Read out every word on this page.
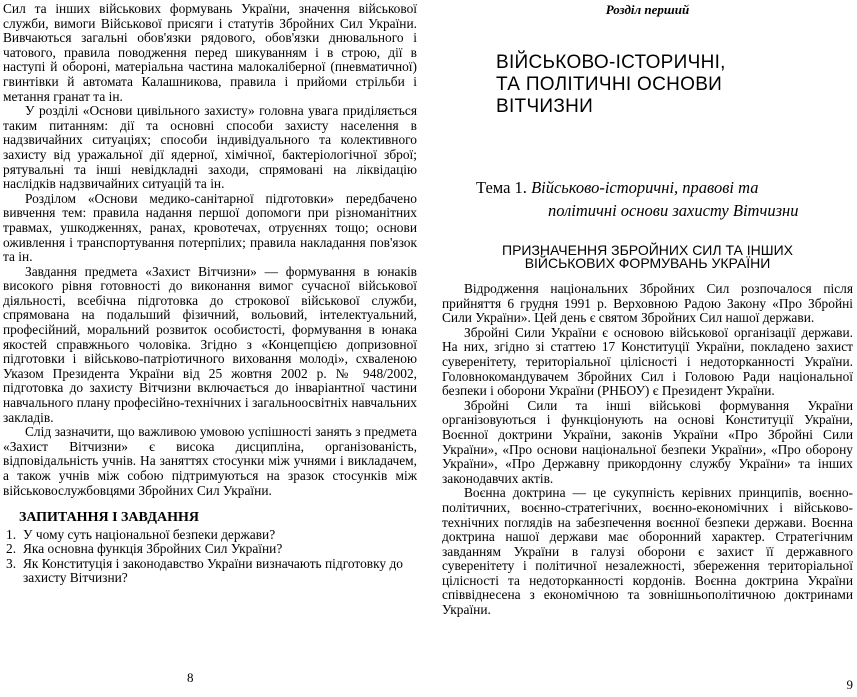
Сил та інших військових формувань України, значення військової служби, вимоги Військової присяги і статутів Збройних Сил України. Вивчаються загальні обов'язки рядового, обов'язки днювального і чатового, правила поводження перед шикуванням і в строю, дії в наступі й обороні, матеріальна частина малокаліберної (пневматичної) гвинтівки й автомата Калашникова, правила і прийоми стрільби і метання гранат та ін.

У розділі «Основи цивільного захисту» головна увага приділяється таким питанням: дії та основні способи захисту населення в надзвичайних ситуаціях; способи індивідуального та колективного захисту від уражальної дії ядерної, хімічної, бактеріологічної зброї; рятувальні та інші невідкладні заходи, спрямовані на ліквідацію наслідків надзвичайних ситуацій та ін.

Розділом «Основи медико-санітарної підготовки» передбачено вивчення тем: правила надання першої допомоги при різноманітних травмах, ушкодженнях, ранах, кровотечах, отруєннях тощо; основи оживлення і транспортування потерпілих; правила накладання пов'язок та ін.

Завдання предмета «Захист Вітчизни» — формування в юнаків високого рівня готовності до виконання вимог сучасної військової діяльності, всебічна підготовка до строкової військової служби, спрямована на подальший фізичний, вольовий, інтелектуальний, професійний, моральний розвиток особистості, формування в юнака якостей справжнього чоловіка. Згідно з «Концепцією допризовної підготовки і військово-патріотичного виховання молоді», схваленою Указом Президента України від 25 жовтня 2002 р. № 948/2002, підготовка до захисту Вітчизни включається до інваріантної частини навчального плану професійно-технічних і загальноосвітніх навчальних закладів.

Слід зазначити, що важливою умовою успішності занять з предмета «Захист Вітчизни» є висока дисципліна, організованість, відповідальність учнів. На заняттях стосунки між учнями і викладачем, а також учнів між собою підтримуються на зразок стосунків між військовослужбовцями Збройних Сил України.

ЗАПИТАННЯ І ЗАВДАННЯ
1. У чому суть національної безпеки держави?
2. Яка основна функція Збройних Сил України?
3. Як Конституція і законодавство України визначають підготовку до захисту Вітчизни?
8
Розділ перший
ВІЙСЬКОВО-ІСТОРИЧНІ,
ТА ПОЛІТИЧНІ ОСНОВИ
ВІТЧИЗНИ
Тема 1. Військово-історичні, правові та
політичні основи захисту Вітчизни
ПРИЗНАЧЕННЯ ЗБРОЙНИХ СИЛ ТА ІНШИХ
ВІЙСЬКОВИХ ФОРМУВАНЬ УКРАЇНИ

Відродження національних Збройних Сил розпочалося після прийняття 6 грудня 1991 р. Верховною Радою Закону «Про Збройні Сили України». Цей день є святом Збройних Сил нашої держави.

Збройні Сили України є основою військової організації держави. На них, згідно зі статтею 17 Конституції України, покладено захист суверенітету, територіальної цілісності і недоторканності України. Головнокомандувачем Збройних Сил і Головою Ради національної безпеки і оборони України (РНБОУ) є Президент України.

Збройні Сили та інші військові формування України організовуються і функціонують на основі Конституції України, Воєнної доктрини України, законів України «Про Збройні Сили України», «Про основи національної безпеки України», «Про оборону України», «Про Державну прикордонну службу України» та інших законодавчих актів.

Воєнна доктрина — це сукупність керівних принципів, воєнно-політичних, воєнно-стратегічних, воєнно-економічних і військово-технічних поглядів на забезпечення воєнної безпеки держави. Воєнна доктрина нашої держави має оборонний характер. Стратегічним завданням України в галузі оборони є захист її державного суверенітету і політичної незалежності, збереження територіальної цілісності та недоторканності кордонів. Воєнна доктрина України співвіднесена з економічною та зовнішньополітичною доктринами України.

9
